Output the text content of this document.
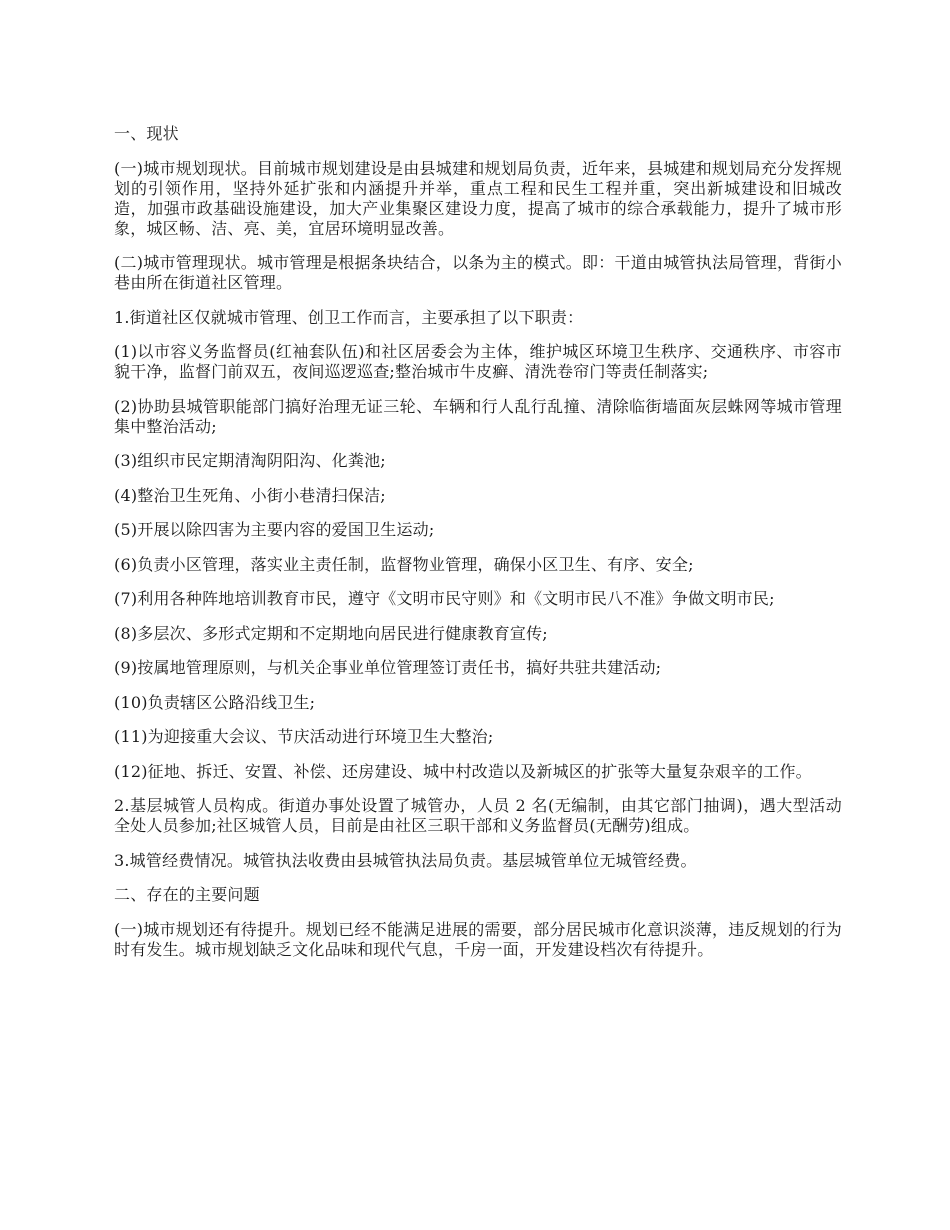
一、现状

(一)城市规划现状。目前城市规划建设是由县城建和规划局负责，近年来，县城建和规划局充分发挥规划的引领作用，坚持外延扩张和内涵提升并举，重点工程和民生工程并重，突出新城建设和旧城改造，加强市政基础设施建设，加大产业集聚区建设力度，提高了城市的综合承载能力，提升了城市形象，城区畅、洁、亮、美，宜居环境明显改善。

(二)城市管理现状。城市管理是根据条块结合，以条为主的模式。即：干道由城管执法局管理，背街小巷由所在街道社区管理。

1.街道社区仅就城市管理、创卫工作而言，主要承担了以下职责：

(1)以市容义务监督员(红袖套队伍)和社区居委会为主体，维护城区环境卫生秩序、交通秩序、市容市貌干净，监督门前双五，夜间巡逻巡查;整治城市牛皮癣、清洗卷帘门等责任制落实;

(2)协助县城管职能部门搞好治理无证三轮、车辆和行人乱行乱撞、清除临街墙面灰层蛛网等城市管理集中整治活动;

(3)组织市民定期清淘阴阳沟、化粪池;

(4)整治卫生死角、小街小巷清扫保洁;

(5)开展以除四害为主要内容的爱国卫生运动;

(6)负责小区管理，落实业主责任制，监督物业管理，确保小区卫生、有序、安全;

(7)利用各种阵地培训教育市民，遵守《文明市民守则》和《文明市民八不准》争做文明市民;

(8)多层次、多形式定期和不定期地向居民进行健康教育宣传;

(9)按属地管理原则，与机关企事业单位管理签订责任书，搞好共驻共建活动;

(10)负责辖区公路沿线卫生;

(11)为迎接重大会议、节庆活动进行环境卫生大整治;

(12)征地、拆迁、安置、补偿、还房建设、城中村改造以及新城区的扩张等大量复杂艰辛的工作。

2.基层城管人员构成。街道办事处设置了城管办，人员 2 名(无编制，由其它部门抽调)，遇大型活动全处人员参加;社区城管人员，目前是由社区三职干部和义务监督员(无酬劳)组成。

3.城管经费情况。城管执法收费由县城管执法局负责。基层城管单位无城管经费。

二、存在的主要问题

(一)城市规划还有待提升。规划已经不能满足进展的需要，部分居民城市化意识淡薄，违反规划的行为时有发生。城市规划缺乏文化品味和现代气息，千房一面，开发建设档次有待提升。
